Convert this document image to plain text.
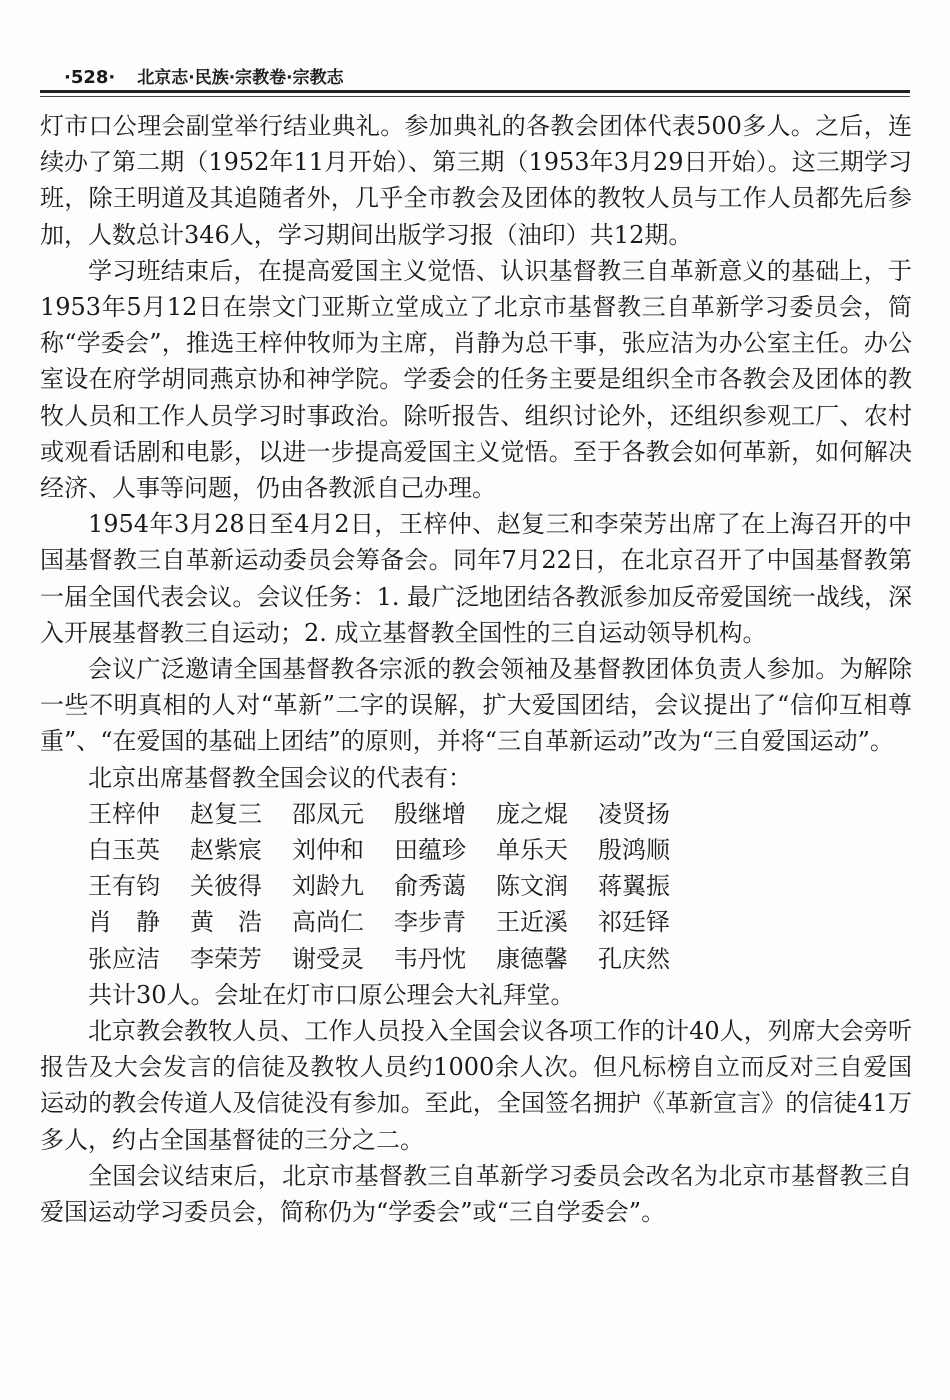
·528· 北京志·民族·宗教卷·宗教志

灯市口公理会副堂举行结业典礼。参加典礼的各教会团体代表500多人。之后，连续办了第二期（1952年11月开始）、第三期（1953年3月29日开始）。这三期学习班，除王明道及其追随者外，几乎全市教会及团体的教牧人员与工作人员都先后参加，人数总计346人，学习期间出版学习报（油印）共12期。

学习班结束后，在提高爱国主义觉悟、认识基督教三自革新意义的基础上，于1953年5月12日在崇文门亚斯立堂成立了北京市基督教三自革新学习委员会，简称“学委会”，推选王梓仲牧师为主席，肖静为总干事，张应洁为办公室主任。办公室设在府学胡同燕京协和神学院。学委会的任务主要是组织全市各教会及团体的教牧人员和工作人员学习时事政治。除听报告、组织讨论外，还组织参观工厂、农村或观看话剧和电影，以进一步提高爱国主义觉悟。至于各教会如何革新，如何解决经济、人事等问题，仍由各教派自己办理。

1954年3月28日至4月2日，王梓仲、赵复三和李荣芳出席了在上海召开的中国基督教三自革新运动委员会筹备会。同年7月22日，在北京召开了中国基督教第一届全国代表会议。会议任务：1. 最广泛地团结各教派参加反帝爱国统一战线，深入开展基督教三自运动；2. 成立基督教全国性的三自运动领导机构。

会议广泛邀请全国基督教各宗派的教会领袖及基督教团体负责人参加。为解除一些不明真相的人对“革新”二字的误解，扩大爱国团结，会议提出了“信仰互相尊重”、“在爱国的基础上团结”的原则，并将“三自革新运动”改为“三自爱国运动”。

北京出席基督教全国会议的代表有：

王梓仲	赵复三	邵凤元	殷继增	庞之焜	凌贤扬
白玉英	赵紫宸	刘仲和	田蕴珍	单乐天	殷鸿顺
王有钧	关彼得	刘龄九	俞秀蔼	陈文润	蒋翼振
肖　静	黄　浩	高尚仁	李步青	王近溪	祁廷铎
张应洁	李荣芳	谢受灵	韦丹忱	康德馨	孔庆然

共计30人。会址在灯市口原公理会大礼拜堂。

北京教会教牧人员、工作人员投入全国会议各项工作的计40人，列席大会旁听报告及大会发言的信徒及教牧人员约1000余人次。但凡标榜自立而反对三自爱国运动的教会传道人及信徒没有参加。至此，全国签名拥护《革新宣言》的信徒41万多人，约占全国基督徒的三分之二。

全国会议结束后，北京市基督教三自革新学习委员会改名为北京市基督教三自爱国运动学习委员会，简称仍为“学委会”或“三自学委会”。
